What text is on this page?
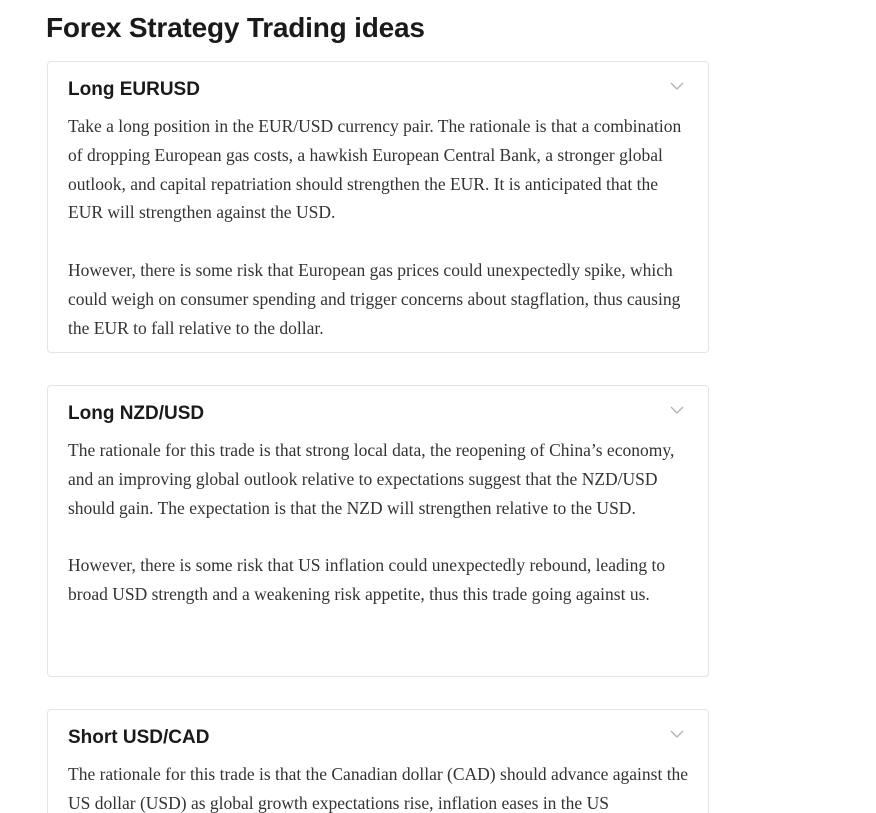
Forex Strategy Trading ideas
Long EURUSD

Take a long position in the EUR/USD currency pair. The rationale is that a combination of dropping European gas costs, a hawkish European Central Bank, a stronger global outlook, and capital repatriation should strengthen the EUR. It is anticipated that the EUR will strengthen against the USD.

However, there is some risk that European gas prices could unexpectedly spike, which could weigh on consumer spending and trigger concerns about stagflation, thus causing the EUR to fall relative to the dollar.

Long NZD/USD

The rationale for this trade is that strong local data, the reopening of China’s economy, and an improving global outlook relative to expectations suggest that the NZD/USD should gain. The expectation is that the NZD will strengthen relative to the USD.

However, there is some risk that US inflation could unexpectedly rebound, leading to broad USD strength and a weakening risk appetite, thus this trade going against us.

Short USD/CAD

The rationale for this trade is that the Canadian dollar (CAD) should advance against the US dollar (USD) as global growth expectations rise, inflation eases in the US
